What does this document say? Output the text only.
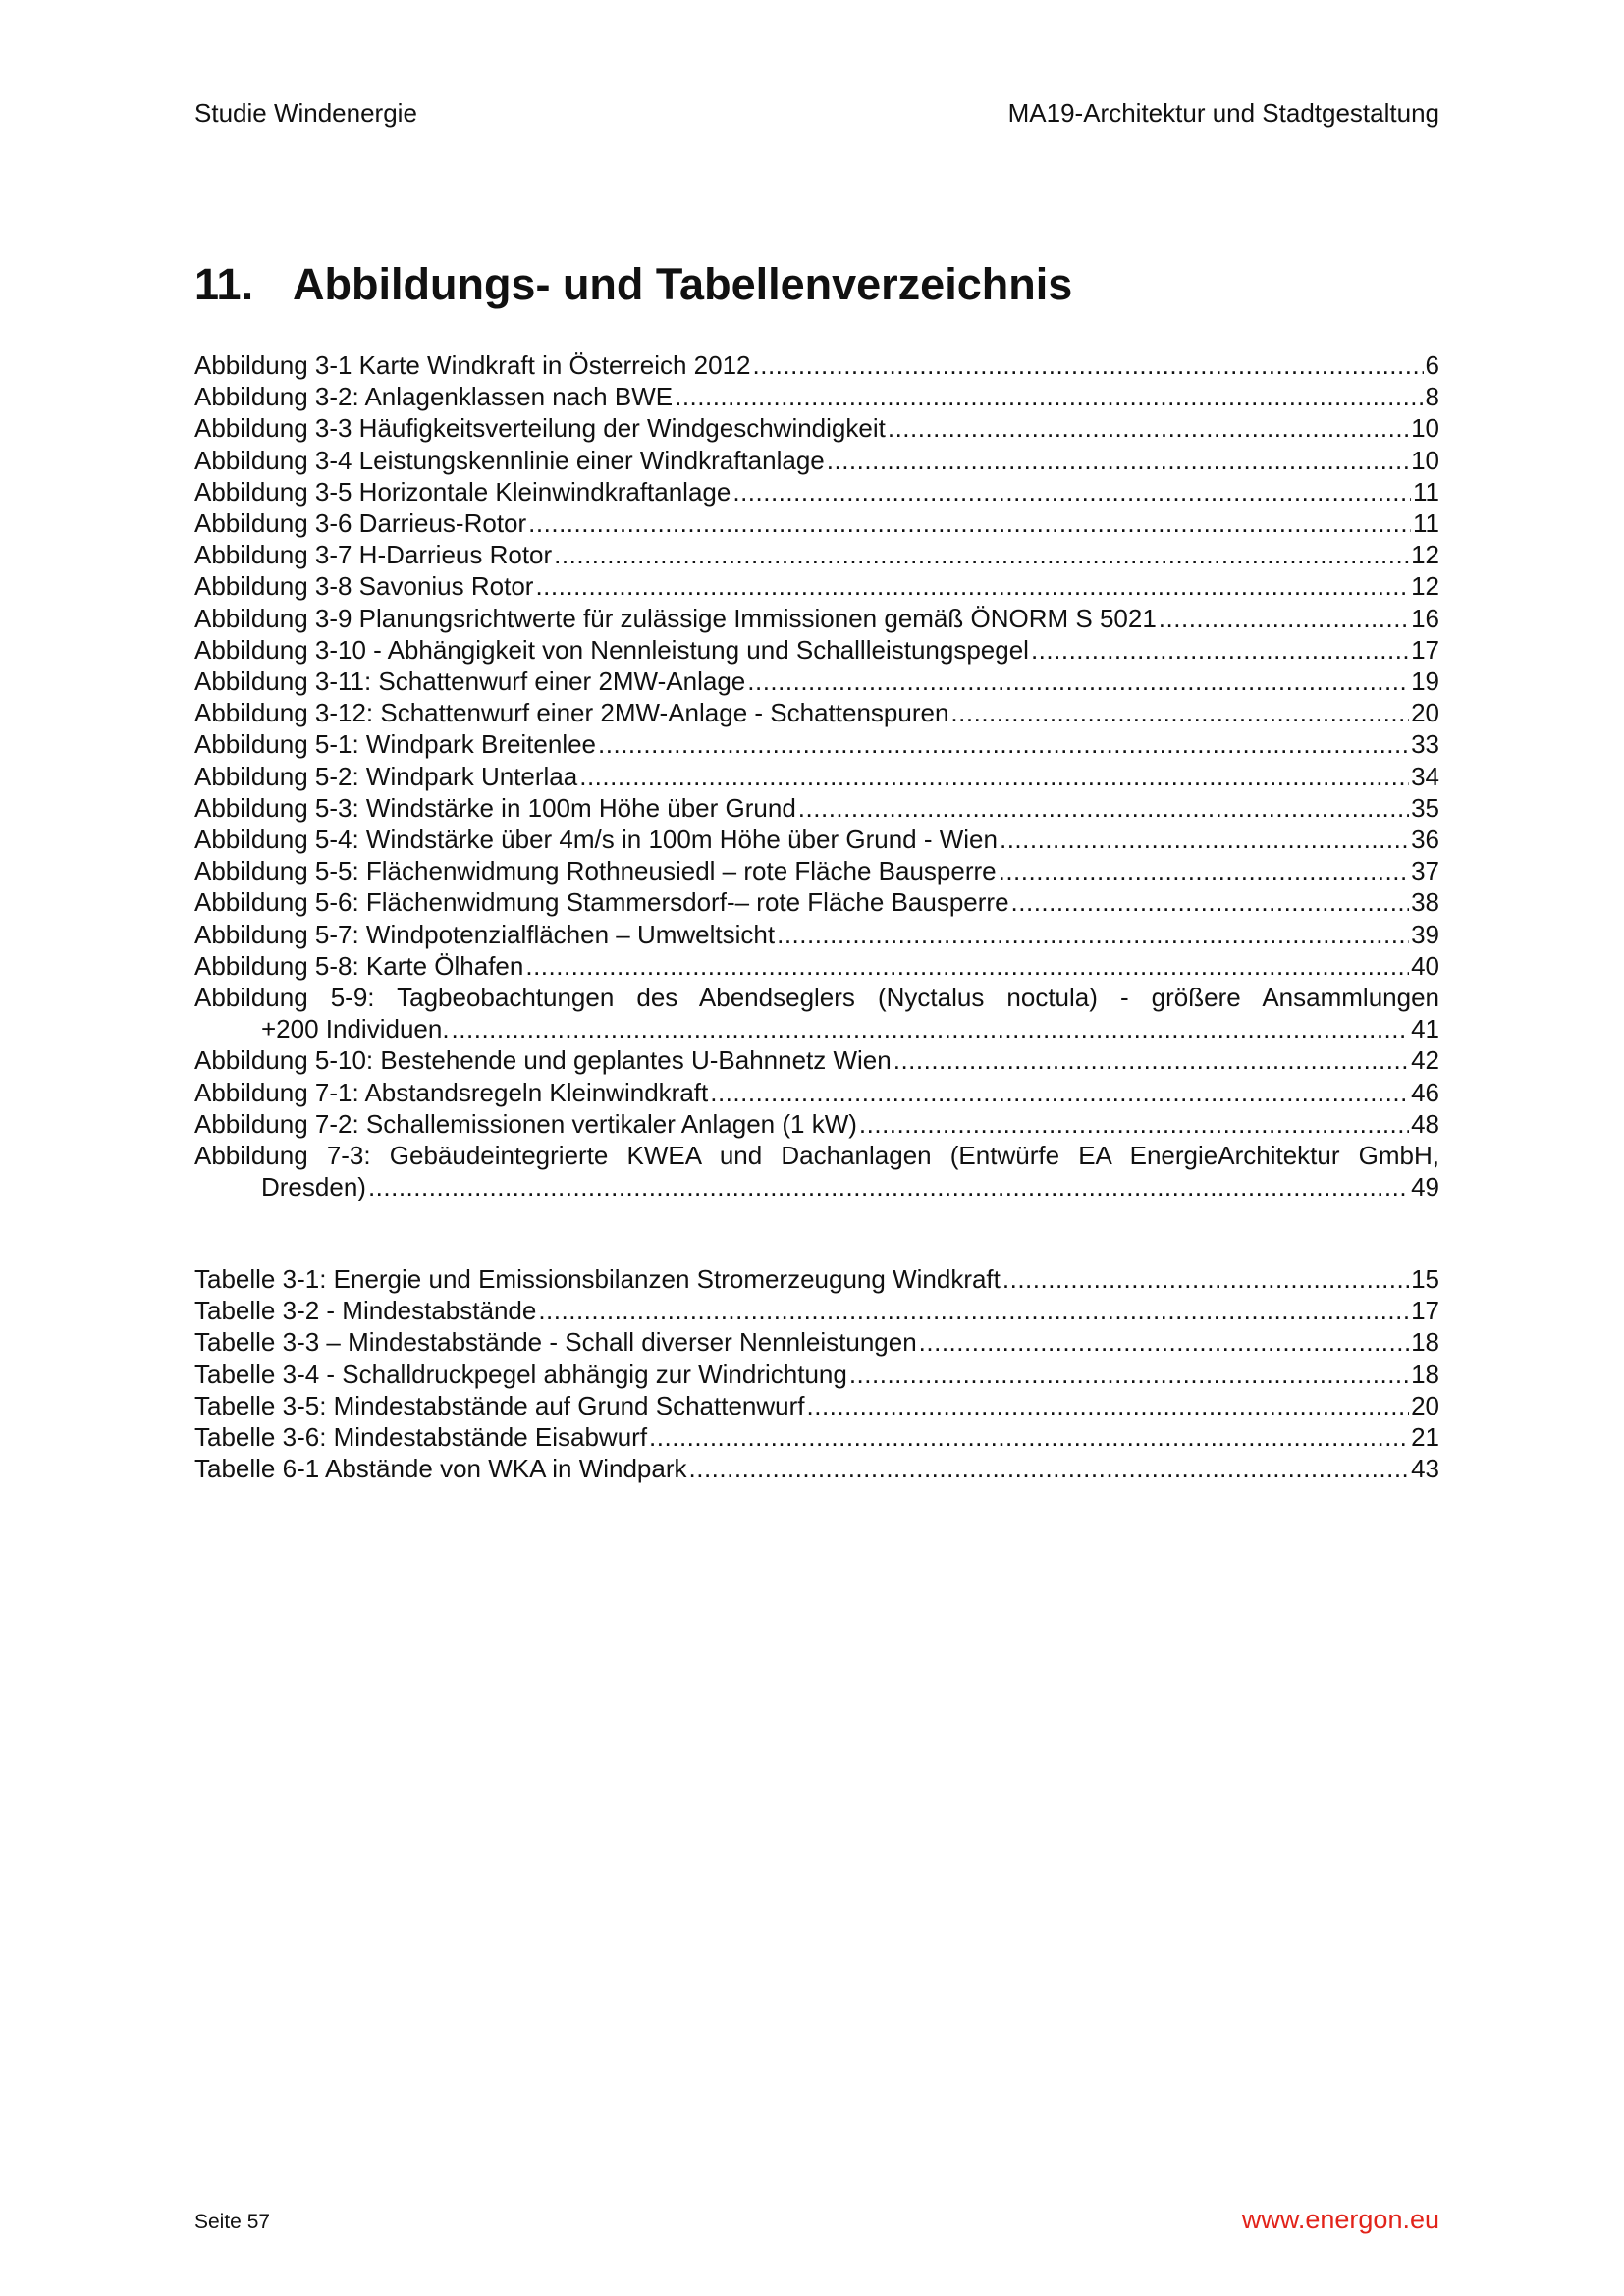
Studie Windenergie	MA19-Architektur und Stadtgestaltung
11. Abbildungs- und Tabellenverzeichnis
Abbildung 3-1 Karte Windkraft in Österreich 2012 .....	6
Abbildung 3-2: Anlagenklassen nach BWE .....	8
Abbildung 3-3 Häufigkeitsverteilung der Windgeschwindigkeit .....	10
Abbildung 3-4 Leistungskennlinie einer Windkraftanlage .....	10
Abbildung 3-5 Horizontale Kleinwindkraftanlage .....	11
Abbildung 3-6 Darrieus-Rotor .....	11
Abbildung 3-7 H-Darrieus Rotor .....	12
Abbildung 3-8 Savonius Rotor .....	12
Abbildung 3-9 Planungsrichtwerte für zulässige Immissionen gemäß ÖNORM S 5021 .....	16
Abbildung 3-10 - Abhängigkeit von Nennleistung und Schallleistungspegel .....	17
Abbildung 3-11: Schattenwurf einer 2MW-Anlage .....	19
Abbildung 3-12: Schattenwurf einer 2MW-Anlage - Schattenspuren .....	20
Abbildung 5-1: Windpark Breitenlee .....	33
Abbildung 5-2: Windpark Unterlaa .....	34
Abbildung 5-3: Windstärke in 100m Höhe über Grund .....	35
Abbildung 5-4: Windstärke über 4m/s in 100m Höhe über Grund - Wien .....	36
Abbildung 5-5: Flächenwidmung Rothneusiedl – rote Fläche Bausperre .....	37
Abbildung 5-6: Flächenwidmung Stammersdorf-– rote Fläche Bausperre .....	38
Abbildung 5-7: Windpotenzialflächen – Umweltsicht .....	39
Abbildung 5-8: Karte Ölhafen .....	40
Abbildung 5-9: Tagbeobachtungen des Abendseglers (Nyctalus noctula) - größere Ansammlungen
+200 Individuen. .....	41
Abbildung 5-10: Bestehende und geplantes U-Bahnnetz Wien .....	42
Abbildung 7-1: Abstandsregeln Kleinwindkraft .....	46
Abbildung 7-2: Schallemissionen vertikaler Anlagen (1 kW) .....	48
Abbildung 7-3: Gebäudeintegrierte KWEA und Dachanlagen (Entwürfe EA EnergieArchitektur GmbH,
Dresden) .....	49
Tabelle 3-1: Energie und Emissionsbilanzen Stromerzeugung Windkraft .....	15
Tabelle 3-2 - Mindestabstände .....	17
Tabelle 3-3 – Mindestabstände - Schall diverser Nennleistungen .....	18
Tabelle 3-4 - Schalldruckpegel abhängig zur Windrichtung .....	18
Tabelle 3-5: Mindestabstände auf Grund Schattenwurf .....	20
Tabelle 3-6: Mindestabstände Eisabwurf .....	21
Tabelle 6-1 Abstände von WKA in Windpark .....	43
Seite 57	www.energon.eu
